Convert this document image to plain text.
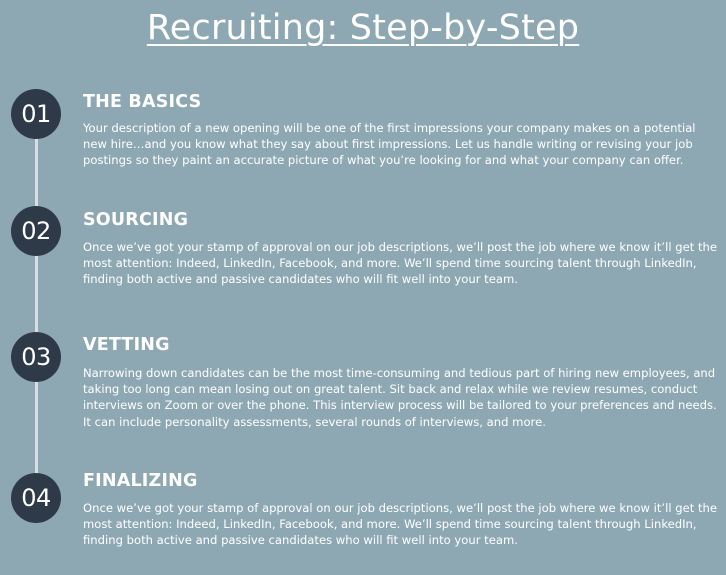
Recruiting: Step-by-Step
01	THE BASICS
Your description of a new opening will be one of the first impressions your company makes on a potential new hire…and you know what they say about first impressions. Let us handle writing or revising your job postings so they paint an accurate picture of what you’re looking for and what your company can offer.
02	SOURCING
Once we’ve got your stamp of approval on our job descriptions, we’ll post the job where we know it’ll get the most attention: Indeed, LinkedIn, Facebook, and more. We’ll spend time sourcing talent through LinkedIn, finding both active and passive candidates who will fit well into your team.
03	VETTING
Narrowing down candidates can be the most time-consuming and tedious part of hiring new employees, and taking too long can mean losing out on great talent. Sit back and relax while we review resumes, conduct interviews on Zoom or over the phone. This interview process will be tailored to your preferences and needs. It can include personality assessments, several rounds of interviews, and more.
04
FINALIZING
Once we’ve got your stamp of approval on our job descriptions, we’ll post the job where we know it’ll get the most attention: Indeed, LinkedIn, Facebook, and more. We’ll spend time sourcing talent through LinkedIn, finding both active and passive candidates who will fit well into your team.
